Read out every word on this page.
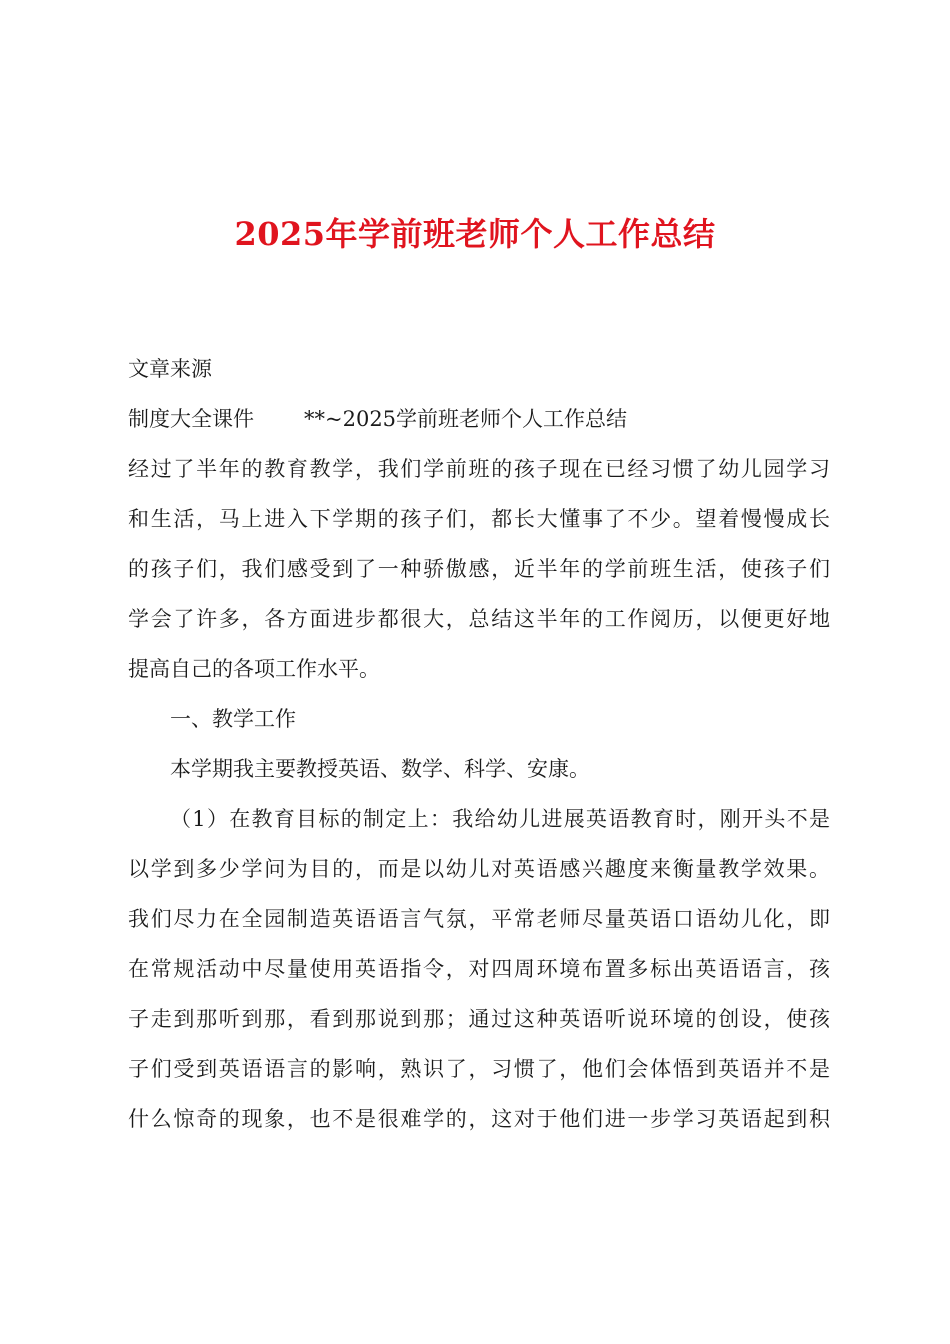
2025年学前班老师个人工作总结

文章来源

制度大全课件 **~2025学前班老师个人工作总结

经过了半年的教育教学，我们学前班的孩子现在已经习惯了幼儿园学习

和生活，马上进入下学期的孩子们，都长大懂事了不少。望着慢慢成长

的孩子们，我们感受到了一种骄傲感，近半年的学前班生活，使孩子们

学会了许多，各方面进步都很大，总结这半年的工作阅历，以便更好地

提高自己的各项工作水平。

一、教学工作

本学期我主要教授英语、数学、科学、安康。

（1）在教育目标的制定上：我给幼儿进展英语教育时，刚开头不是

以学到多少学问为目的，而是以幼儿对英语感兴趣度来衡量教学效果。

我们尽力在全园制造英语语言气氛，平常老师尽量英语口语幼儿化，即

在常规活动中尽量使用英语指令，对四周环境布置多标出英语语言，孩

子走到那听到那，看到那说到那；通过这种英语听说环境的创设，使孩

子们受到英语语言的影响，熟识了，习惯了，他们会体悟到英语并不是

什么惊奇的现象，也不是很难学的，这对于他们进一步学习英语起到积
